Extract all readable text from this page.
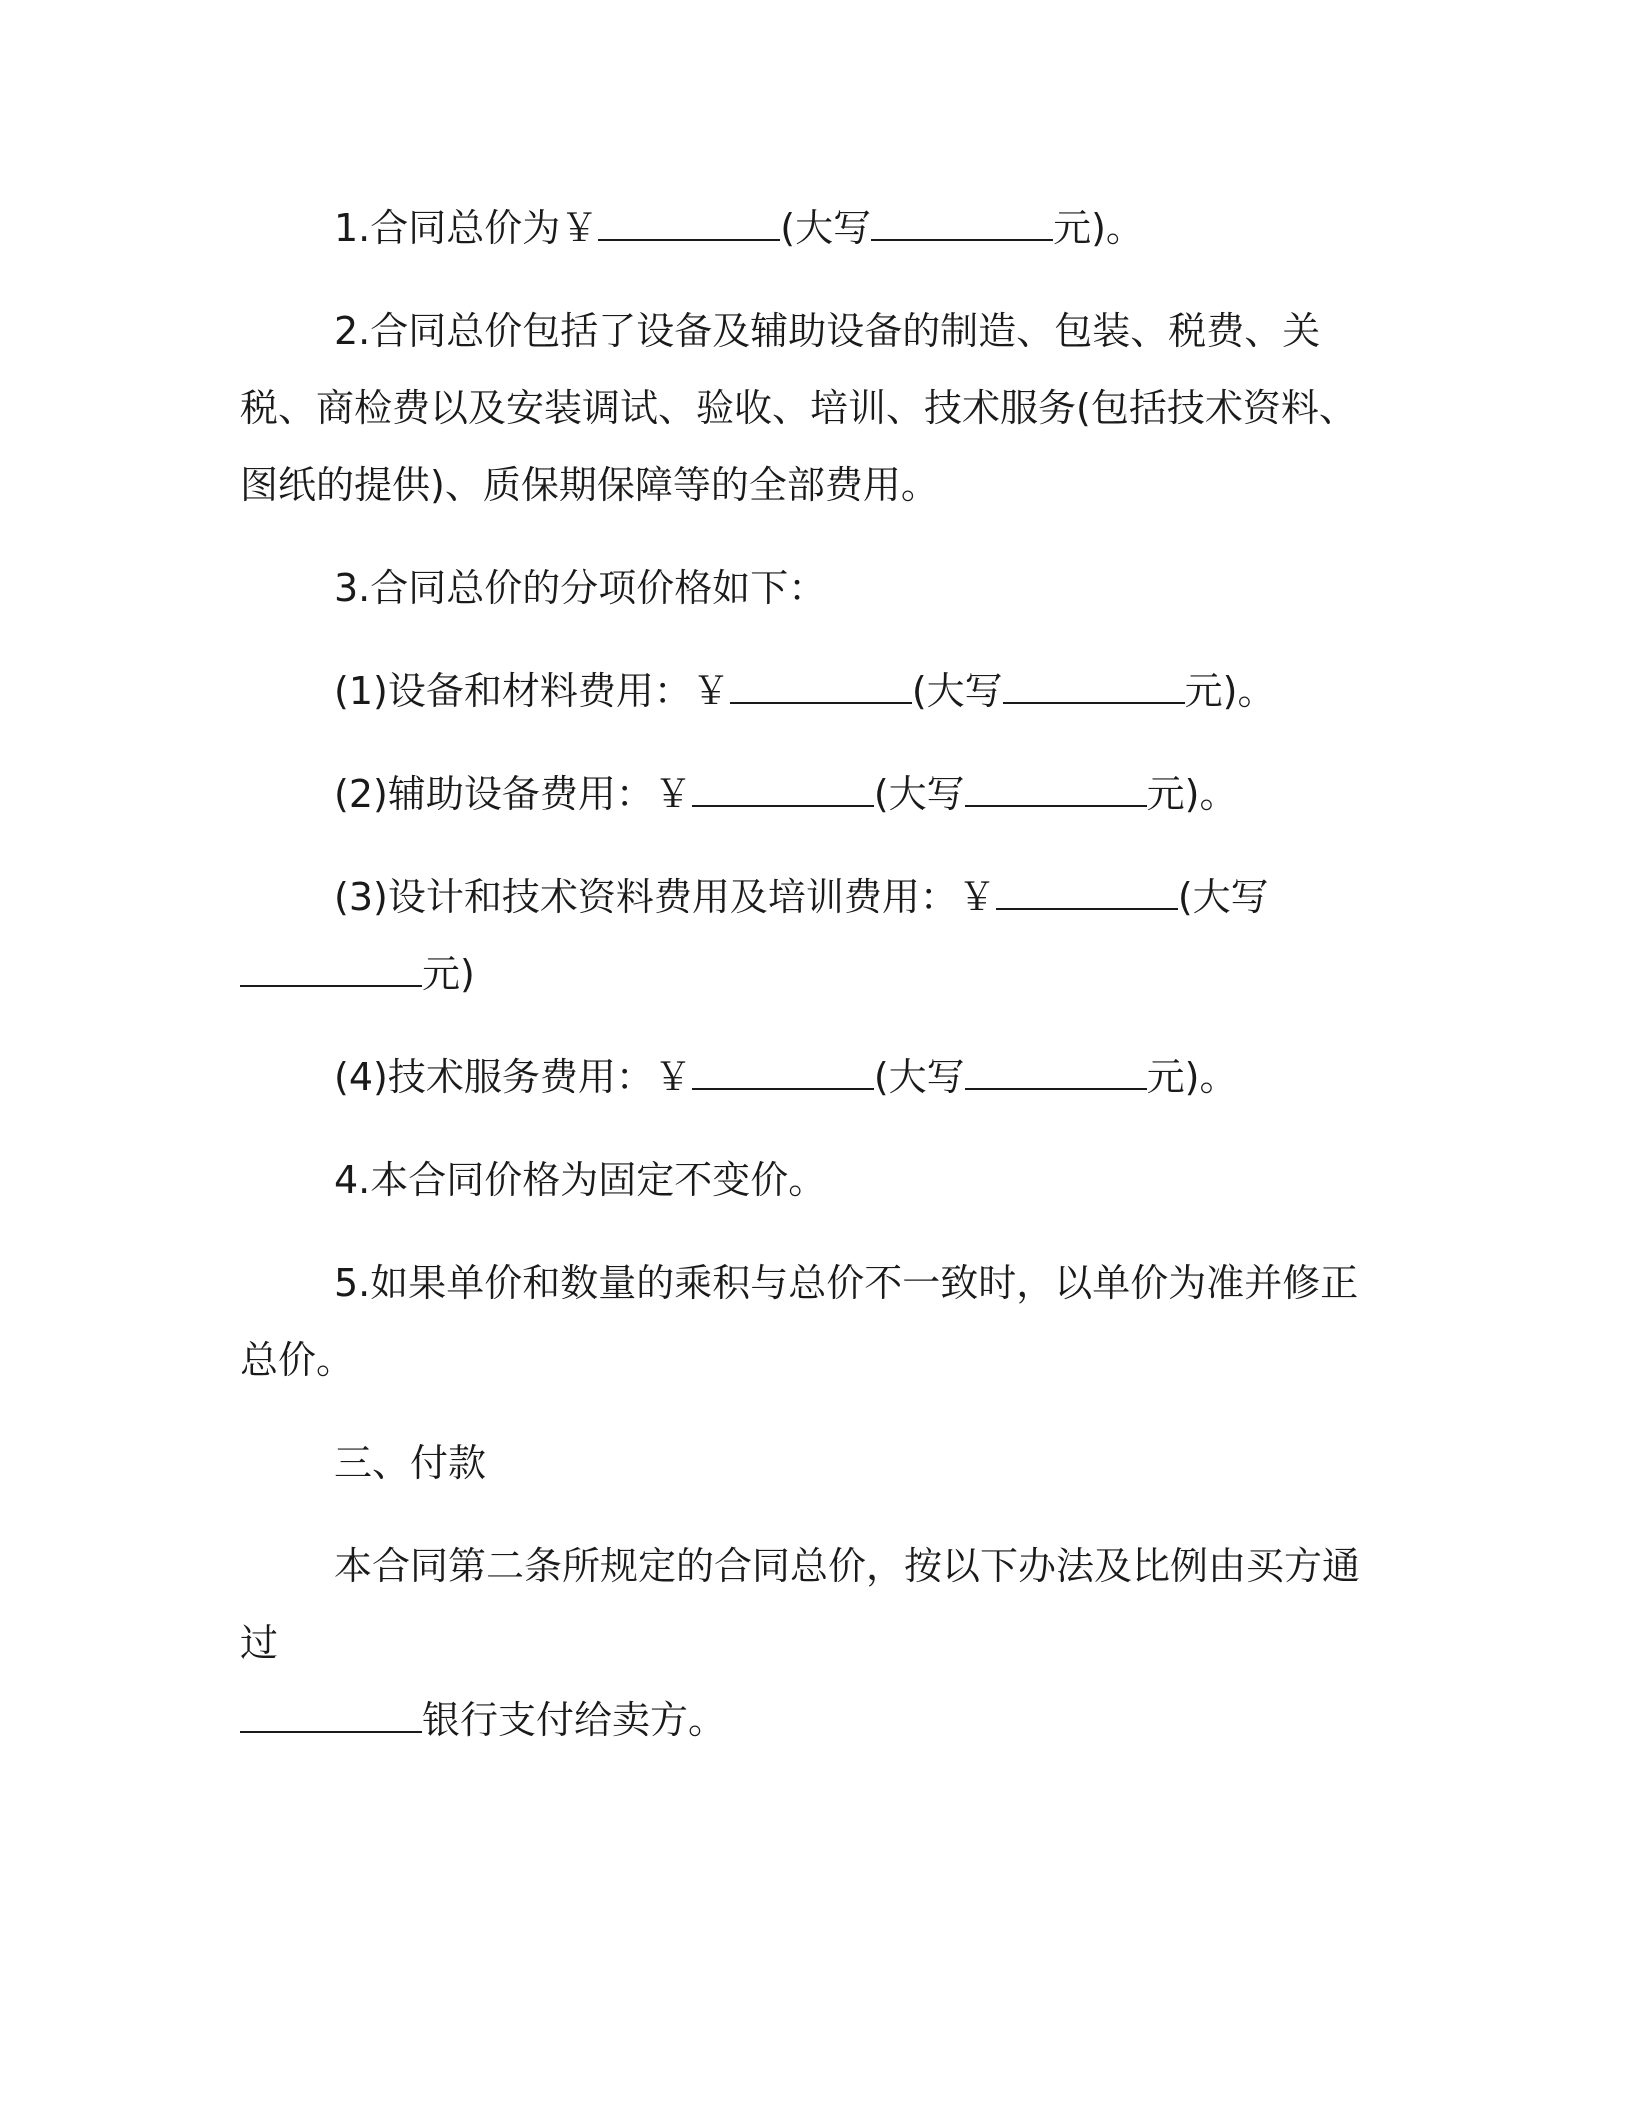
1.合同总价为￥	(大写	元)。

2.合同总价包括了设备及辅助设备的制造、包装、税费、关税、商检费以及安装调试、验收、培训、技术服务(包括技术资料、图纸的提供)、质保期保障等的全部费用。

3.合同总价的分项价格如下：

(1)设备和材料费用：￥	(大写	元)。

(2)辅助设备费用：￥	(大写	元)。

(3)设计和技术资料费用及培训费用：￥	(大写
元)

(4)技术服务费用：￥	(大写	元)。

4.本合同价格为固定不变价。

5.如果单价和数量的乘积与总价不一致时，以单价为准并修正总价。

三、付款

本合同第二条所规定的合同总价，按以下办法及比例由买方通过
银行支付给卖方。
